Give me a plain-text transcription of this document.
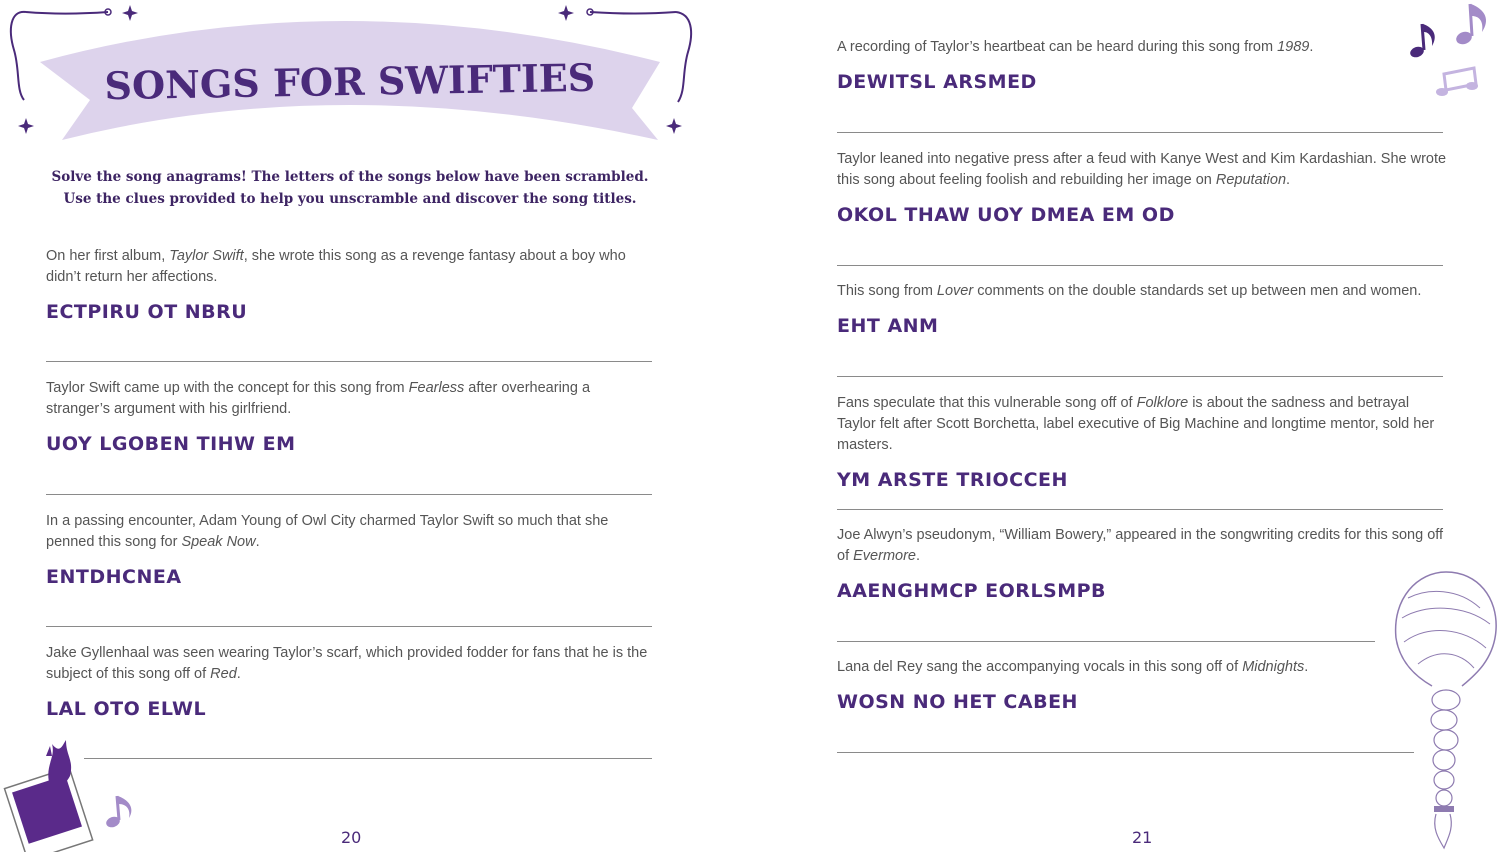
SONGS FOR SWIFTIES
Solve the song anagrams! The letters of the songs below have been scrambled.
Use the clues provided to help you unscramble and discover the song titles.

On her first album, Taylor Swift, she wrote this song as a revenge fantasy about a boy who didn’t return her affections.

ECTPIRU OT NBRU

Taylor Swift came up with the concept for this song from Fearless after overhearing a stranger’s argument with his girlfriend.

UOY LGOBEN TIHW EM

In a passing encounter, Adam Young of Owl City charmed Taylor Swift so much that she penned this song for Speak Now.

ENTDHCNEA

Jake Gyllenhaal was seen wearing Taylor’s scarf, which provided fodder for fans that he is the subject of this song off of Red.

LAL OTO ELWL
20

A recording of Taylor’s heartbeat can be heard during this song from 1989.

DEWITSL ARSMED

Taylor leaned into negative press after a feud with Kanye West and Kim Kardashian. She wrote this song about feeling foolish and rebuilding her image on Reputation.

OKOL THAW UOY DMEA EM OD

This song from Lover comments on the double standards set up between men and women.

EHT ANM

Fans speculate that this vulnerable song off of Folklore is about the sadness and betrayal Taylor felt after Scott Borchetta, label executive of Big Machine and longtime mentor, sold her masters.

YM ARSTE TRIOCCEH

Joe Alwyn’s pseudonym, “William Bowery,” appeared in the songwriting credits for this song off of Evermore.

AAENGHMCP EORLSMPB

Lana del Rey sang the accompanying vocals in this song off of Midnights.

WOSN NO HET CABEH
21
